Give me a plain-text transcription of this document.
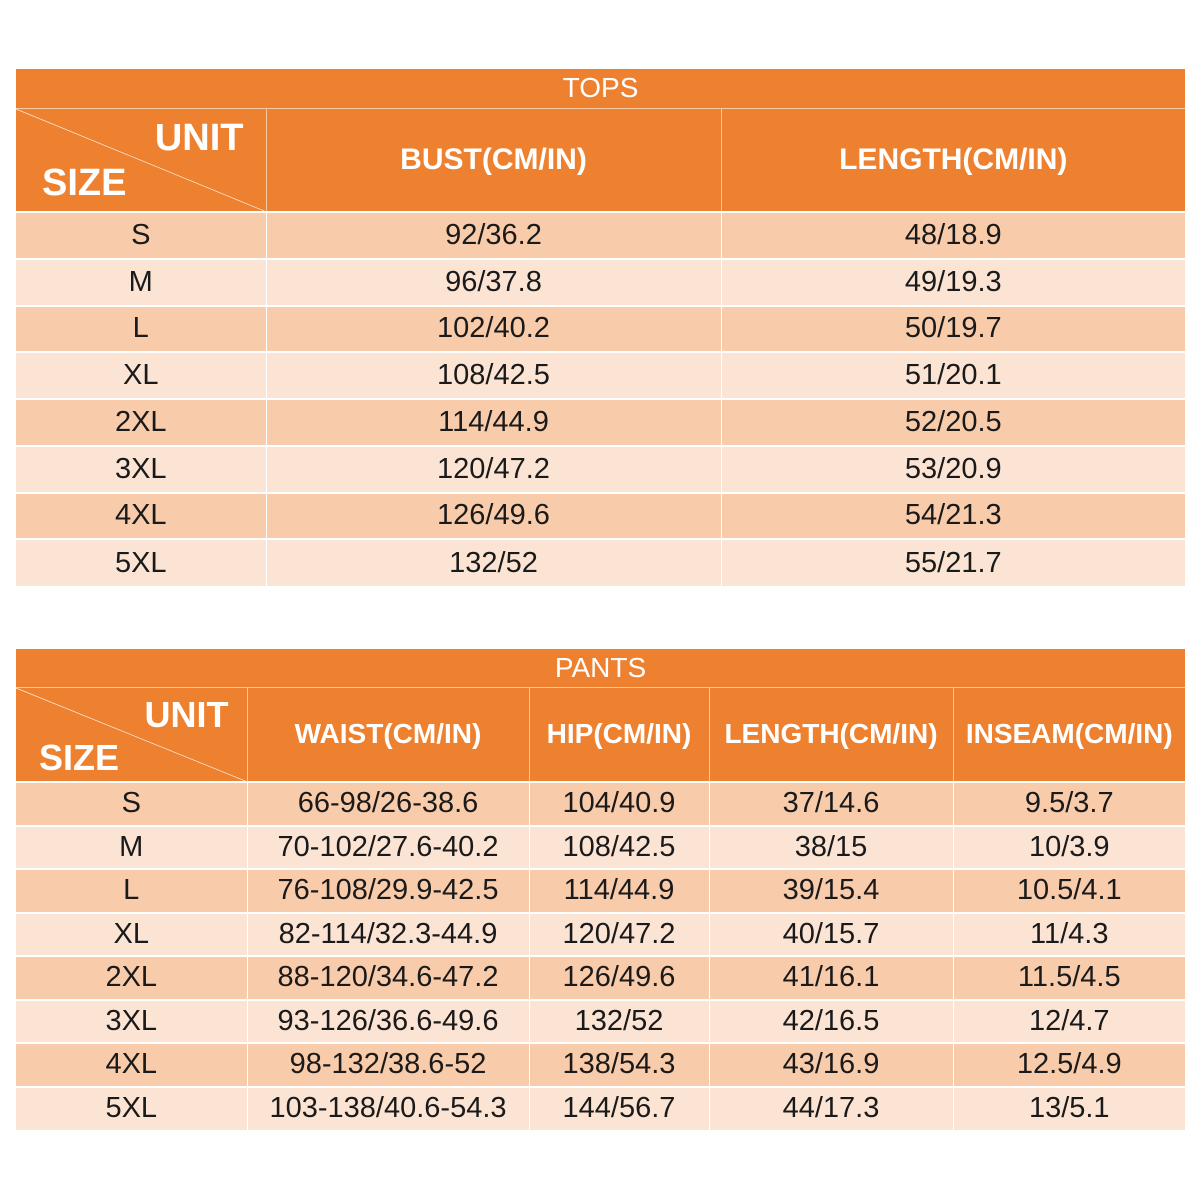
TOPS		

UNIT
SIZE	BUST(CM/IN)	LENGTH(CM/IN)
S	92/36.2	48/18.9
M	96/37.8	49/19.3
L	102/40.2	50/19.7
XL	108/42.5	51/20.1
2XL	114/44.9	52/20.5
3XL	120/47.2	53/20.9
4XL	126/49.6	54/21.3
5XL	132/52	55/21.7
PANTS				

UNIT
SIZE	WAIST(CM/IN)	HIP(CM/IN)	LENGTH(CM/IN)	INSEAM(CM/IN)
S	66-98/26-38.6	104/40.9	37/14.6	9.5/3.7
M	70-102/27.6-40.2	108/42.5	38/15	10/3.9
L	76-108/29.9-42.5	114/44.9	39/15.4	10.5/4.1
XL	82-114/32.3-44.9	120/47.2	40/15.7	11/4.3
2XL	88-120/34.6-47.2	126/49.6	41/16.1	11.5/4.5
3XL	93-126/36.6-49.6	132/52	42/16.5	12/4.7
4XL	98-132/38.6-52	138/54.3	43/16.9	12.5/4.9
5XL	103-138/40.6-54.3	144/56.7	44/17.3	13/5.1
